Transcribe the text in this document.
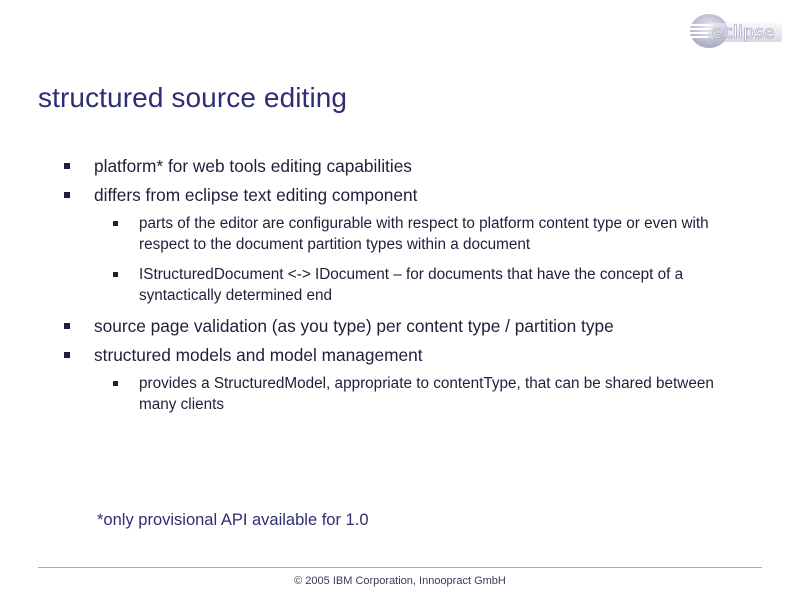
eclipse
structured source editing
platform* for web tools editing capabilities
differs from eclipse text editing component
parts of the editor are configurable with respect to platform content type or even with respect to the document partition types within a document
IStructuredDocument <-> IDocument – for documents that have the concept of a syntactically determined end
source page validation (as you type) per content type / partition type
structured models and model management
provides a StructuredModel, appropriate to contentType, that can be shared between many clients
*only provisional API available for 1.0
© 2005 IBM Corporation, Innoopract GmbH
